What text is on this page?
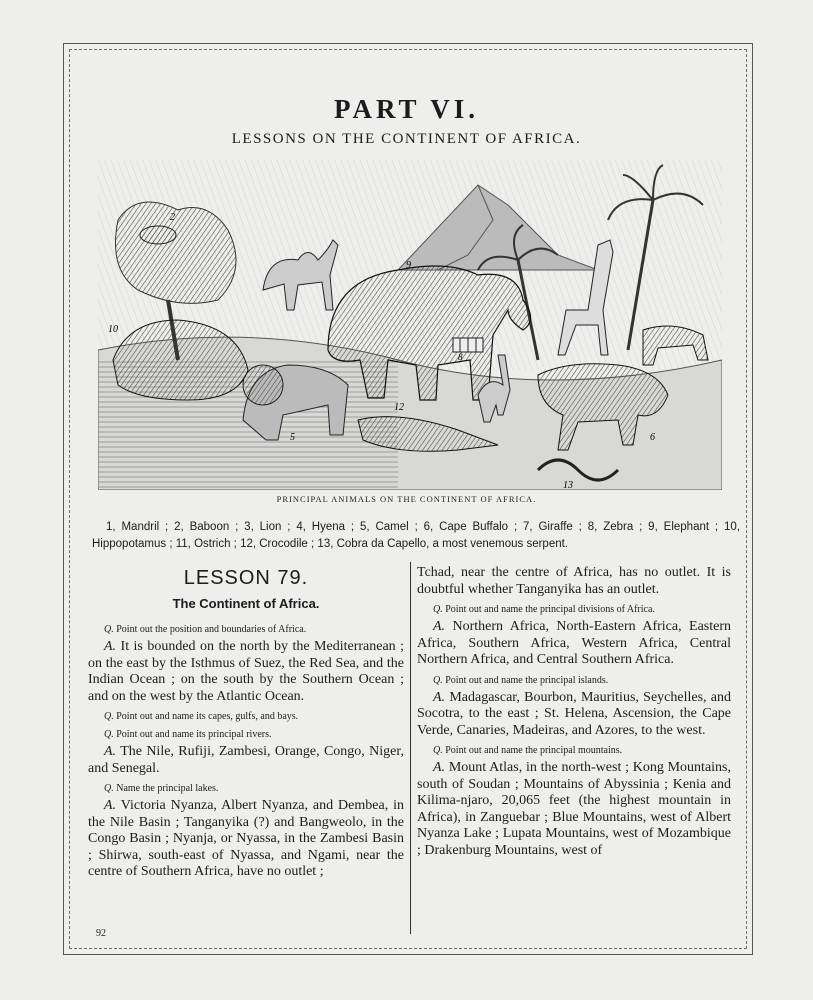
PART VI.
LESSONS ON THE CONTINENT OF AFRICA.
2
9
10
5
12
6
13
8
PRINCIPAL ANIMALS ON THE CONTINENT OF AFRICA.
1, Mandril ; 2, Baboon ; 3, Lion ; 4, Hyena ; 5, Camel ; 6, Cape Buffalo ; 7, Giraffe ; 8, Zebra ; 9, Elephant ; 10, Hippopotamus ; 11, Ostrich ; 12, Crocodile ; 13, Cobra da Capello, a most venemous serpent.
LESSON 79.
The Continent of Africa.

Q. Point out the position and boundaries of Africa.

A. It is bounded on the north by the Mediterranean ; on the east by the Isthmus of Suez, the Red Sea, and the Indian Ocean ; on the south by the Southern Ocean ; and on the west by the Atlantic Ocean.

Q. Point out and name its capes, gulfs, and bays.

Q. Point out and name its principal rivers.

A. The Nile, Rufiji, Zambesi, Orange, Congo, Niger, and Senegal.

Q. Name the principal lakes.

A. Victoria Nyanza, Albert Nyanza, and Dembea, in the Nile Basin ; Tanganyika (?) and Bangweolo, in the Congo Basin ; Nyanja, or Nyassa, in the Zambesi Basin ; Shirwa, south-east of Nyassa, and Ngami, near the centre of Southern Africa, have no outlet ;

Tchad, near the centre of Africa, has no outlet. It is doubtful whether Tanganyika has an outlet.

Q. Point out and name the principal divisions of Africa.

A. Northern Africa, North-Eastern Africa, Eastern Africa, Southern Africa, Western Africa, Central Northern Africa, and Central Southern Africa.

Q. Point out and name the principal islands.

A. Madagascar, Bourbon, Mauritius, Seychelles, and Socotra, to the east ; St. Helena, Ascension, the Cape Verde, Canaries, Madeiras, and Azores, to the west.

Q. Point out and name the principal mountains.

A. Mount Atlas, in the north-west ; Kong Mountains, south of Soudan ; Mountains of Abyssinia ; Kenia and Kilima-njaro, 20,065 feet (the highest mountain in Africa), in Zanguebar ; Blue Mountains, west of Albert Nyanza Lake ; Lupata Mountains, west of Mozambique ; Drakenburg Mountains, west of

92
